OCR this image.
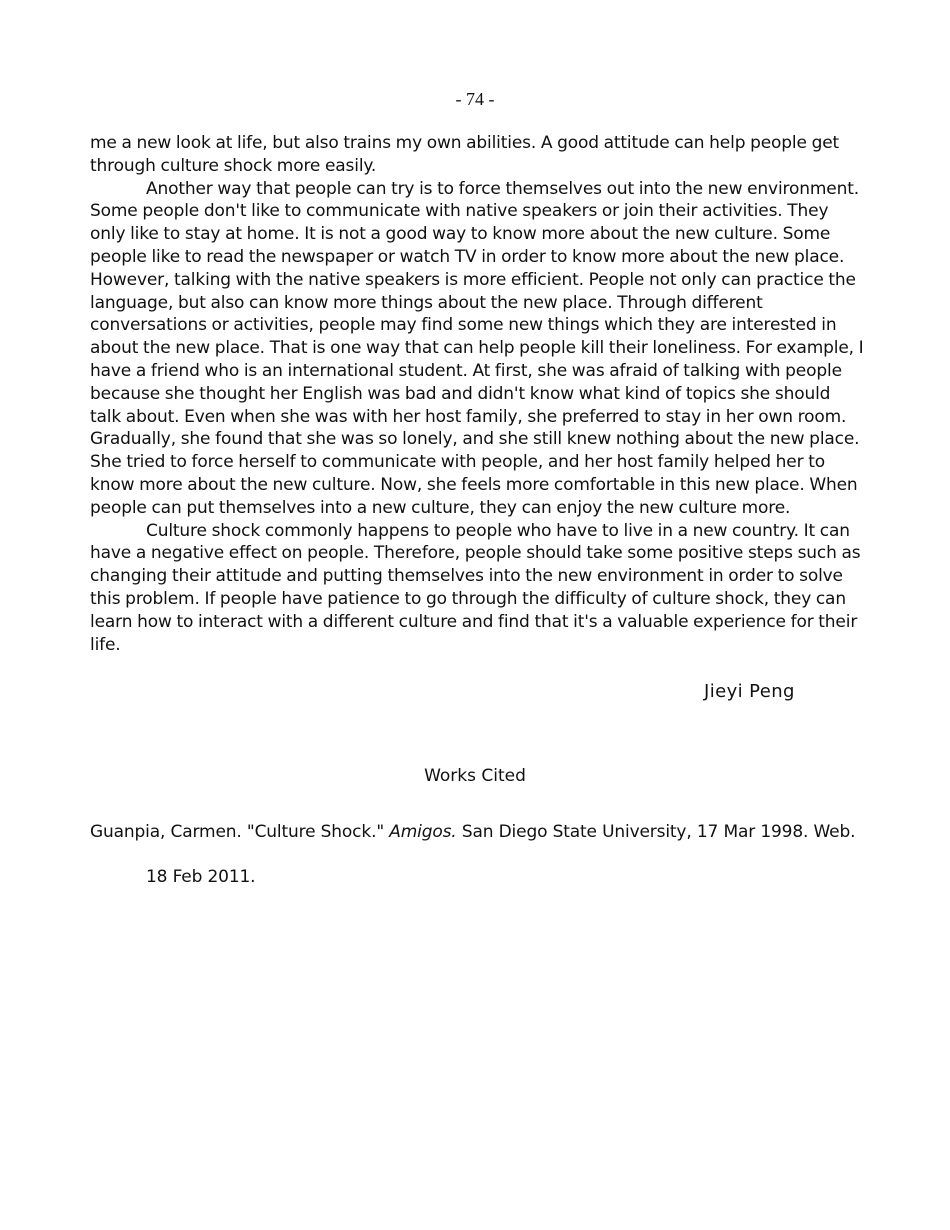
- 74 -

me a new look at life, but also trains my own abilities. A good attitude can help people get through culture shock more easily.

Another way that people can try is to force themselves out into the new environment. Some people don't like to communicate with native speakers or join their activities. They only like to stay at home. It is not a good way to know more about the new culture. Some people like to read the newspaper or watch TV in order to know more about the new place. However, talking with the native speakers is more efficient. People not only can practice the language, but also can know more things about the new place. Through different conversations or activities, people may find some new things which they are interested in about the new place. That is one way that can help people kill their loneliness. For example, I have a friend who is an international student. At first, she was afraid of talking with people because she thought her English was bad and didn't know what kind of topics she should talk about. Even when she was with her host family, she preferred to stay in her own room. Gradually, she found that she was so lonely, and she still knew nothing about the new place. She tried to force herself to communicate with people, and her host family helped her to know more about the new culture. Now, she feels more comfortable in this new place. When people can put themselves into a new culture, they can enjoy the new culture more.

Culture shock commonly happens to people who have to live in a new country. It can have a negative effect on people. Therefore, people should take some positive steps such as changing their attitude and putting themselves into the new environment in order to solve this problem. If people have patience to go through the difficulty of culture shock, they can learn how to interact with a different culture and find that it's a valuable experience for their life.

Jieyi Peng
Works Cited
Guanpia, Carmen. "Culture Shock." Amigos. San Diego State University, 17 Mar 1998. Web.
18 Feb 2011.
